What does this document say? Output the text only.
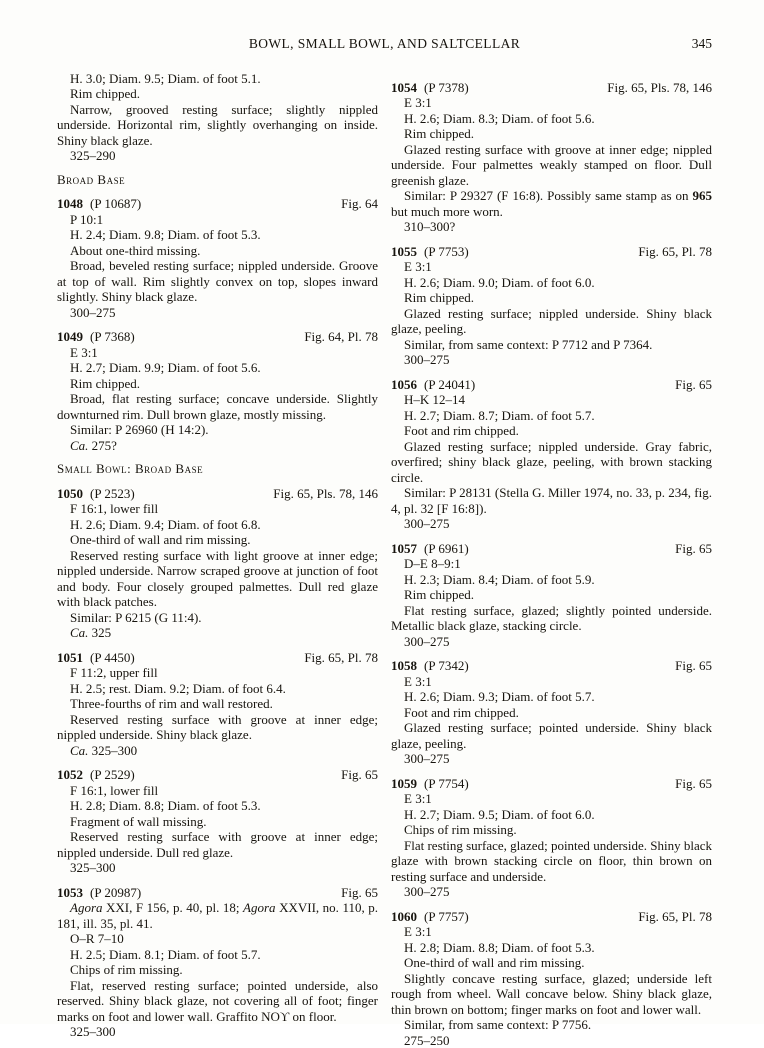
BOWL, SMALL BOWL, AND SALTCELLAR	345

H. 3.0; Diam. 9.5; Diam. of foot 5.1.

Rim chipped.

Narrow, grooved resting surface; slightly nippled underside. Horizontal rim, slightly overhanging on inside. Shiny black glaze.

325–290

Broad Base
1048 (P 10687)	Fig. 64

P 10:1

H. 2.4; Diam. 9.8; Diam. of foot 5.3.

About one-third missing.

Broad, beveled resting surface; nippled underside. Groove at top of wall. Rim slightly convex on top, slopes inward slightly. Shiny black glaze.

300–275

1049 (P 7368)	Fig. 64, Pl. 78

E 3:1

H. 2.7; Diam. 9.9; Diam. of foot 5.6.

Rim chipped.

Broad, flat resting surface; concave underside. Slightly downturned rim. Dull brown glaze, mostly missing.

Similar: P 26960 (H 14:2).

Ca. 275?

Small Bowl: Broad Base
1050 (P 2523)	Fig. 65, Pls. 78, 146

F 16:1, lower fill

H. 2.6; Diam. 9.4; Diam. of foot 6.8.

One-third of wall and rim missing.

Reserved resting surface with light groove at inner edge; nippled underside. Narrow scraped groove at junction of foot and body. Four closely grouped palmettes. Dull red glaze with black patches.

Similar: P 6215 (G 11:4).

Ca. 325

1051 (P 4450)	Fig. 65, Pl. 78

F 11:2, upper fill

H. 2.5; rest. Diam. 9.2; Diam. of foot 6.4.

Three-fourths of rim and wall restored.

Reserved resting surface with groove at inner edge; nippled underside. Shiny black glaze.

Ca. 325–300

1052 (P 2529)	Fig. 65

F 16:1, lower fill

H. 2.8; Diam. 8.8; Diam. of foot 5.3.

Fragment of wall missing.

Reserved resting surface with groove at inner edge; nippled underside. Dull red glaze.

325–300

1053 (P 20987)	Fig. 65

Agora XXI, F 156, p. 40, pl. 18; Agora XXVII, no. 110, p. 181, ill. 35, pl. 41.

O–R 7–10

H. 2.5; Diam. 8.1; Diam. of foot 5.7.

Chips of rim missing.

Flat, reserved resting surface; pointed underside, also reserved. Shiny black glaze, not covering all of foot; finger marks on foot and lower wall. Graffito NOϒ on floor.

325–300

1054 (P 7378)	Fig. 65, Pls. 78, 146

E 3:1

H. 2.6; Diam. 8.3; Diam. of foot 5.6.

Rim chipped.

Glazed resting surface with groove at inner edge; nippled underside. Four palmettes weakly stamped on floor. Dull greenish glaze.

Similar: P 29327 (F 16:8). Possibly same stamp as on 965 but much more worn.

310–300?

1055 (P 7753)	Fig. 65, Pl. 78

E 3:1

H. 2.6; Diam. 9.0; Diam. of foot 6.0.

Rim chipped.

Glazed resting surface; nippled underside. Shiny black glaze, peeling.

Similar, from same context: P 7712 and P 7364.

300–275

1056 (P 24041)	Fig. 65

H–K 12–14

H. 2.7; Diam. 8.7; Diam. of foot 5.7.

Foot and rim chipped.

Glazed resting surface; nippled underside. Gray fabric, overfired; shiny black glaze, peeling, with brown stacking circle.

Similar: P 28131 (Stella G. Miller 1974, no. 33, p. 234, fig. 4, pl. 32 [F 16:8]).

300–275

1057 (P 6961)	Fig. 65

D–E 8–9:1

H. 2.3; Diam. 8.4; Diam. of foot 5.9.

Rim chipped.

Flat resting surface, glazed; slightly pointed underside. Metallic black glaze, stacking circle.

300–275

1058 (P 7342)	Fig. 65

E 3:1

H. 2.6; Diam. 9.3; Diam. of foot 5.7.

Foot and rim chipped.

Glazed resting surface; pointed underside. Shiny black glaze, peeling.

300–275

1059 (P 7754)	Fig. 65

E 3:1

H. 2.7; Diam. 9.5; Diam. of foot 6.0.

Chips of rim missing.

Flat resting surface, glazed; pointed underside. Shiny black glaze with brown stacking circle on floor, thin brown on resting surface and underside.

300–275

1060 (P 7757)	Fig. 65, Pl. 78

E 3:1

H. 2.8; Diam. 8.8; Diam. of foot 5.3.

One-third of wall and rim missing.

Slightly concave resting surface, glazed; underside left rough from wheel. Wall concave below. Shiny black glaze, thin brown on bottom; finger marks on foot and lower wall.

Similar, from same context: P 7756.

275–250
